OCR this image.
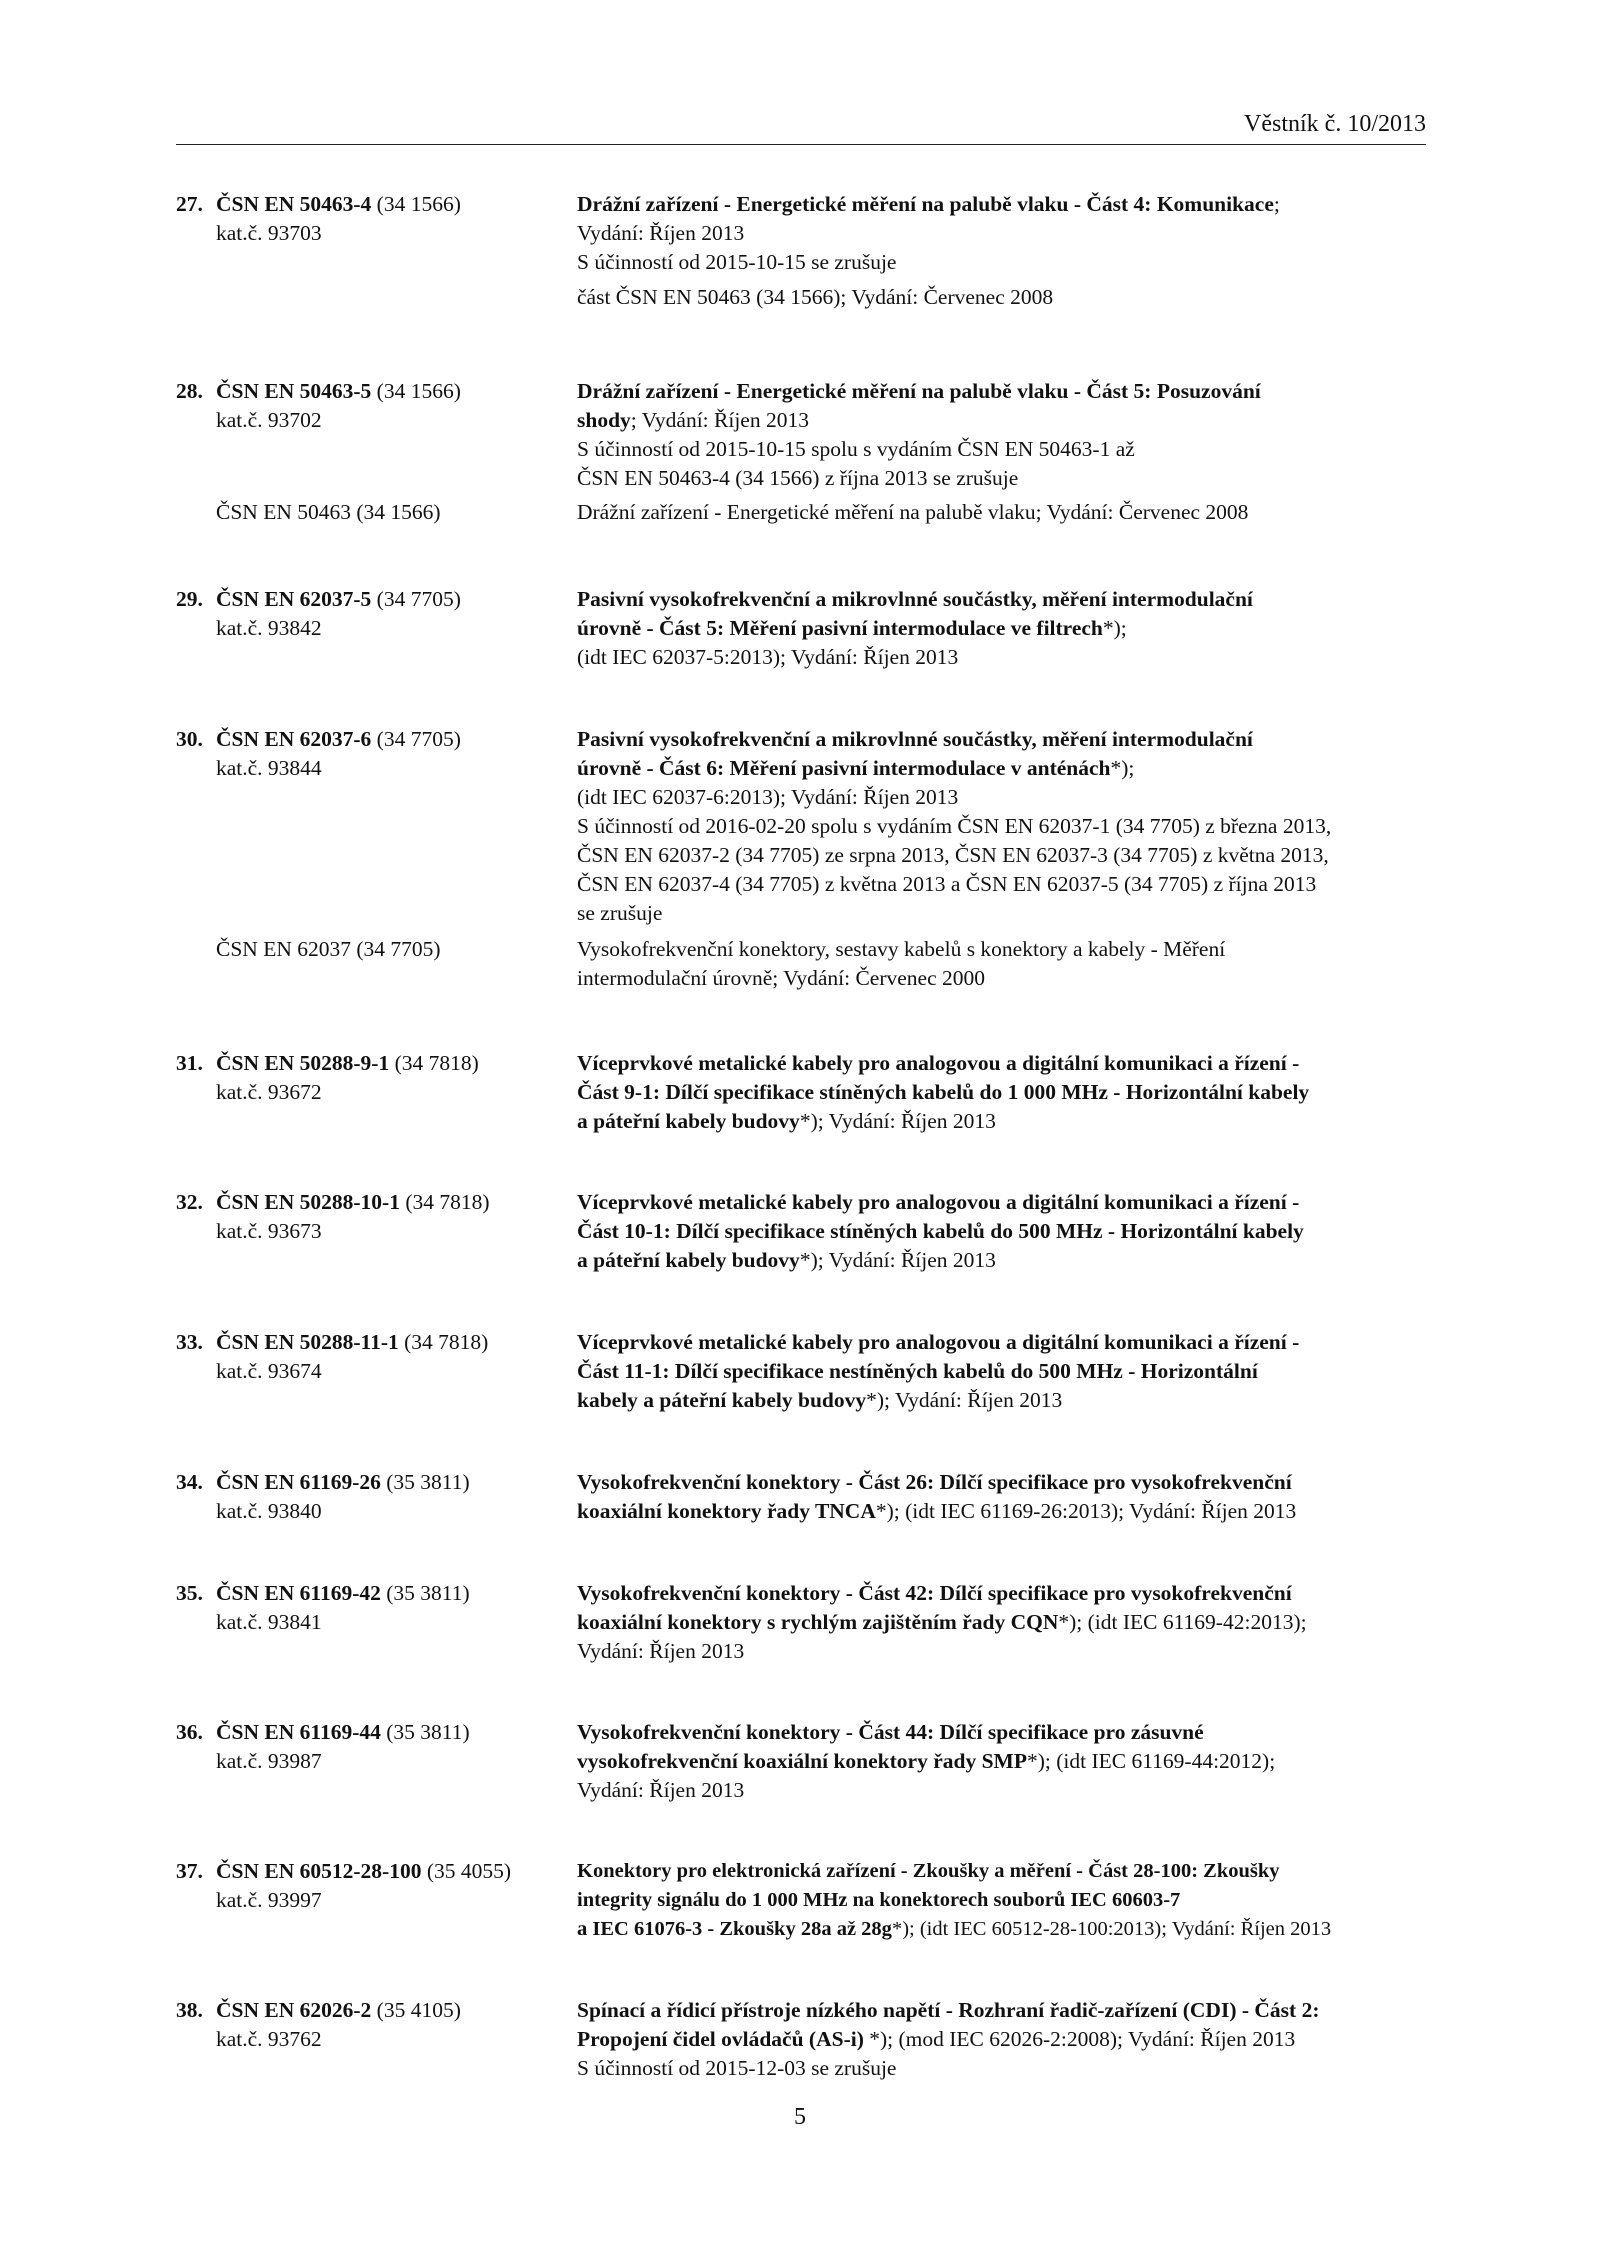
Věstník č. 10/2013
27. ČSN EN 50463-4 (34 1566)
kat.č. 93703
Drážní zařízení - Energetické měření na palubě vlaku - Část 4: Komunikace;
Vydání: Říjen 2013
S účinností od 2015-10-15 se zrušuje
část ČSN EN 50463 (34 1566); Vydání: Červenec 2008
28. ČSN EN 50463-5 (34 1566)
kat.č. 93702
Drážní zařízení - Energetické měření na palubě vlaku - Část 5: Posuzování
shody; Vydání: Říjen 2013
S účinností od 2015-10-15 spolu s vydáním ČSN EN 50463-1 až
ČSN EN 50463-4 (34 1566) z října 2013 se zrušuje
ČSN EN 50463 (34 1566)	Drážní zařízení - Energetické měření na palubě vlaku; Vydání: Červenec 2008
29. ČSN EN 62037-5 (34 7705)
kat.č. 93842
Pasivní vysokofrekvenční a mikrovlnné součástky, měření intermodulační
úrovně - Část 5: Měření pasivní intermodulace ve filtrech*);
(idt IEC 62037-5:2013); Vydání: Říjen 2013
30. ČSN EN 62037-6 (34 7705)
kat.č. 93844
Pasivní vysokofrekvenční a mikrovlnné součástky, měření intermodulační
úrovně - Část 6: Měření pasivní intermodulace v anténách*);
(idt IEC 62037-6:2013); Vydání: Říjen 2013
S účinností od 2016-02-20 spolu s vydáním ČSN EN 62037-1 (34 7705) z března 2013,
ČSN EN 62037-2 (34 7705) ze srpna 2013, ČSN EN 62037-3 (34 7705) z května 2013,
ČSN EN 62037-4 (34 7705) z května 2013 a ČSN EN 62037-5 (34 7705) z října 2013
se zrušuje
ČSN EN 62037 (34 7705)	Vysokofrekvenční konektory, sestavy kabelů s konektory a kabely - Měření
intermodulační úrovně; Vydání: Červenec 2000
31. ČSN EN 50288-9-1 (34 7818)
kat.č. 93672
Víceprvkové metalické kabely pro analogovou a digitální komunikaci a řízení -
Část 9-1: Dílčí specifikace stíněných kabelů do 1 000 MHz - Horizontální kabely
a páteřní kabely budovy*); Vydání: Říjen 2013
32. ČSN EN 50288-10-1 (34 7818)
kat.č. 93673
Víceprvkové metalické kabely pro analogovou a digitální komunikaci a řízení -
Část 10-1: Dílčí specifikace stíněných kabelů do 500 MHz - Horizontální kabely
a páteřní kabely budovy*); Vydání: Říjen 2013
33. ČSN EN 50288-11-1 (34 7818)
kat.č. 93674
Víceprvkové metalické kabely pro analogovou a digitální komunikaci a řízení -
Část 11-1: Dílčí specifikace nestíněných kabelů do 500 MHz - Horizontální
kabely a páteřní kabely budovy*); Vydání: Říjen 2013
34. ČSN EN 61169-26 (35 3811)
kat.č. 93840
Vysokofrekvenční konektory - Část 26: Dílčí specifikace pro vysokofrekvenční
koaxiální konektory řady TNCA*); (idt IEC 61169-26:2013); Vydání: Říjen 2013
35. ČSN EN 61169-42 (35 3811)
kat.č. 93841
Vysokofrekvenční konektory - Část 42: Dílčí specifikace pro vysokofrekvenční
koaxiální konektory s rychlým zajištěním řady CQN*); (idt IEC 61169-42:2013);
Vydání: Říjen 2013
36. ČSN EN 61169-44 (35 3811)
kat.č. 93987
Vysokofrekvenční konektory - Část 44: Dílčí specifikace pro zásuvné
vysokofrekvenční koaxiální konektory řady SMP*); (idt IEC 61169-44:2012);
Vydání: Říjen 2013
37. ČSN EN 60512-28-100 (35 4055)
kat.č. 93997
Konektory pro elektronická zařízení - Zkoušky a měření - Část 28-100: Zkoušky
integrity signálu do 1 000 MHz na konektorech souborů IEC 60603-7
a IEC 61076-3 - Zkoušky 28a až 28g*); (idt IEC 60512-28-100:2013); Vydání: Říjen 2013
38. ČSN EN 62026-2 (35 4105)
kat.č. 93762
Spínací a řídicí přístroje nízkého napětí - Rozhraní řadič-zařízení (CDI) - Část 2:
Propojení čidel ovládačů (AS-i) *); (mod IEC 62026-2:2008); Vydání: Říjen 2013
S účinností od 2015-12-03 se zrušuje
5
